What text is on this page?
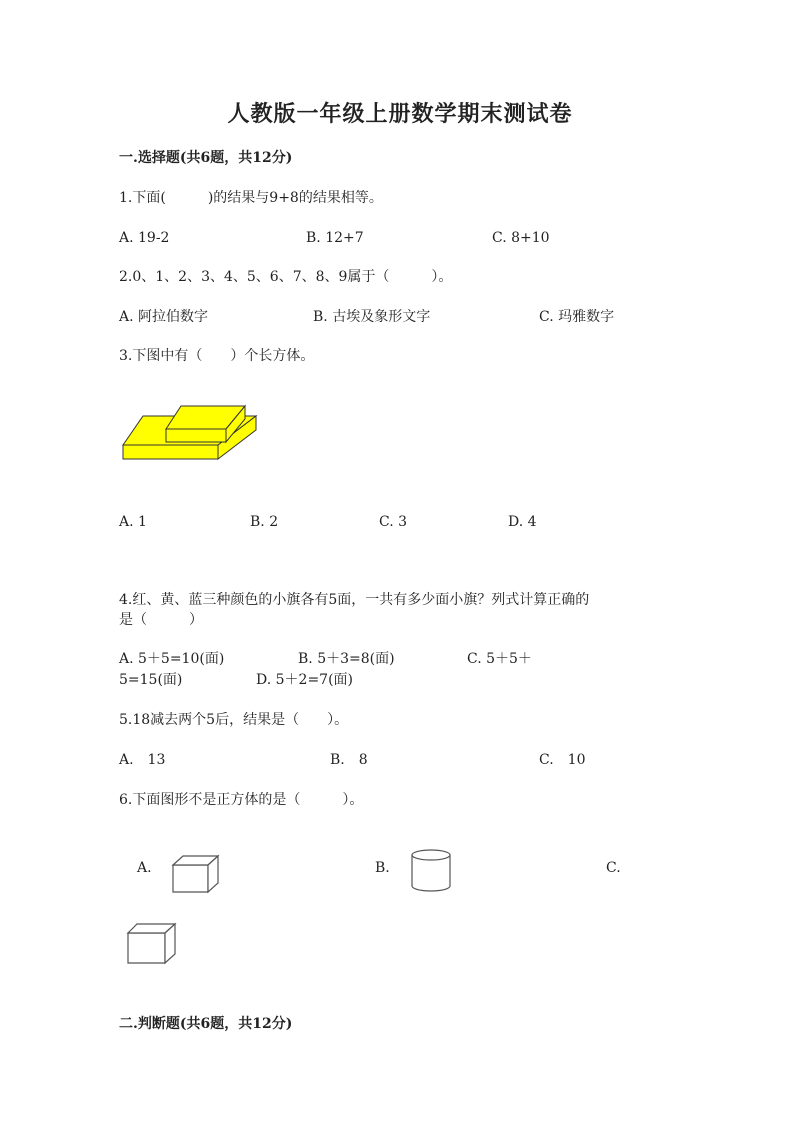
人教版一年级上册数学期末测试卷
一.选择题(共6题，共12分)
1.下面(　　　)的结果与9+8的结果相等。
A. 19-2	B. 12+7	C. 8+10
2.0、1、2、3、4、5、6、7、8、9属于（　　　）。
A. 阿拉伯数字	B. 古埃及象形文字	C. 玛雅数字
3.下图中有（　　）个长方体。
A. 1	B. 2	C. 3	D. 4
4.红、黄、蓝三种颜色的小旗各有5面，一共有多少面小旗？列式计算正确的
是（　　　）
A. 5＋5=10(面)	B. 5＋3=8(面)	C. 5＋5＋
5=15(面)	D. 5＋2=7(面)
5.18减去两个5后，结果是（　　）。
A.　13	B.　8	C.　10
6.下面图形不是正方体的是（　　　）。
A.	B.	C.
二.判断题(共6题，共12分)
